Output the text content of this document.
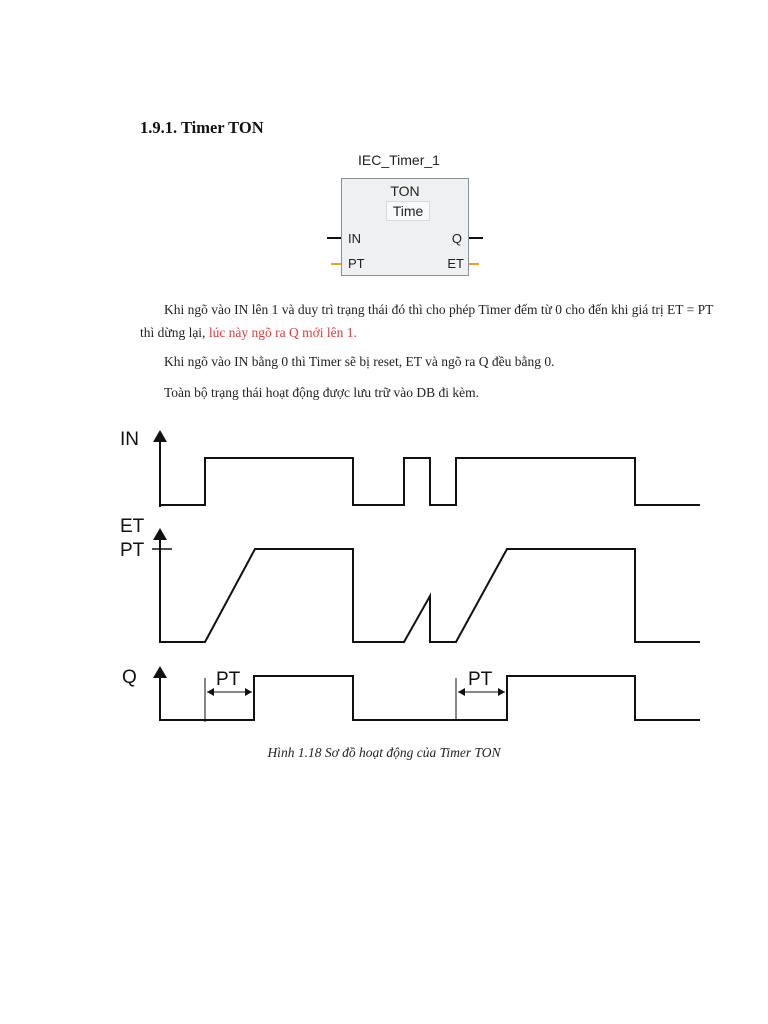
1.9.1. Timer TON
IEC_Timer_1
TON
Time
IN
PT
Q
ET

Khi ngõ vào IN lên 1 và duy trì trạng thái đó thì cho phép Timer đếm từ 0 cho đến khi giá trị ET = PT thì dừng lại, lúc này ngõ ra Q mới lên 1.

Khi ngõ vào IN bằng 0 thì Timer sẽ bị reset, ET và ngõ ra Q đều bằng 0.

Toàn bộ trạng thái hoạt động được lưu trữ vào DB đi kèm.

IN
ET
PT
Q	PT	PT
Hình 1.18 Sơ đồ hoạt động của Timer TON
